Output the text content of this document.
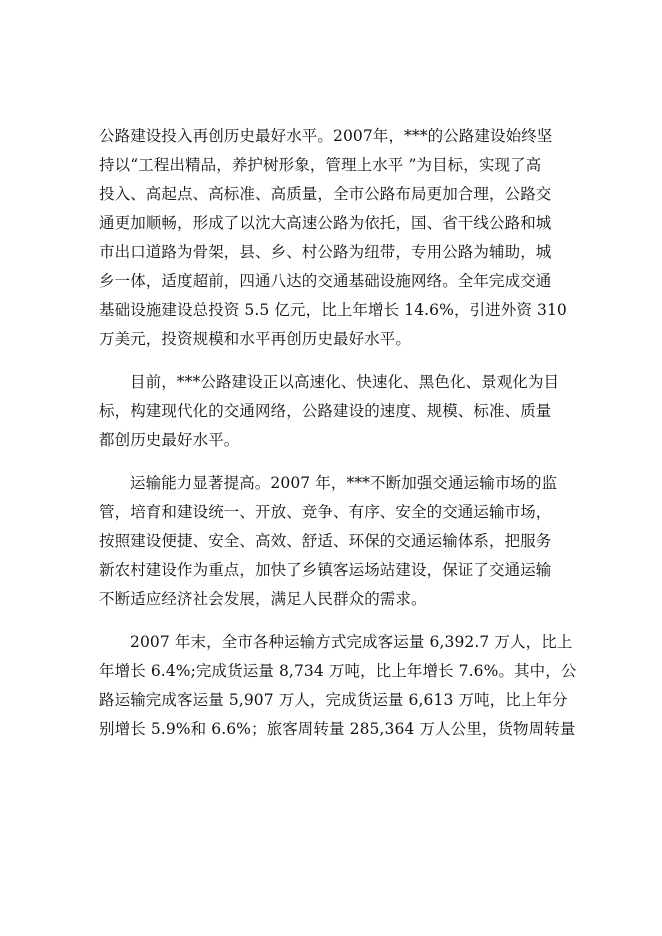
公路建设投入再创历史最好水平。2007年，***的公路建设始终坚
持以“工程出精品，养护树形象，管理上水平 ”为目标，实现了高
投入、高起点、高标准、高质量，全市公路布局更加合理，公路交
通更加顺畅，形成了以沈大高速公路为依托，国、省干线公路和城
市出口道路为骨架，县、乡、村公路为纽带，专用公路为辅助，城
乡一体，适度超前，四通八达的交通基础设施网络。全年完成交通
基础设施建设总投资 5.5 亿元，比上年增长 14.6%，引进外资 310
万美元，投资规模和水平再创历史最好水平。
目前，***公路建设正以高速化、快速化、黑色化、景观化为目
标，构建现代化的交通网络，公路建设的速度、规模、标准、质量
都创历史最好水平。
运输能力显著提高。2007 年，***不断加强交通运输市场的监
管，培育和建设统一、开放、竞争、有序、安全的交通运输市场，
按照建设便捷、安全、高效、舒适、环保的交通运输体系，把服务
新农村建设作为重点，加快了乡镇客运场站建设，保证了交通运输
不断适应经济社会发展，满足人民群众的需求。
2007 年末，全市各种运输方式完成客运量 6,392.7 万人，比上
年增长 6.4%;完成货运量 8,734 万吨，比上年增长 7.6%。其中，公
路运输完成客运量 5,907 万人，完成货运量 6,613 万吨，比上年分
别增长 5.9%和 6.6%；旅客周转量 285,364 万人公里，货物周转量
